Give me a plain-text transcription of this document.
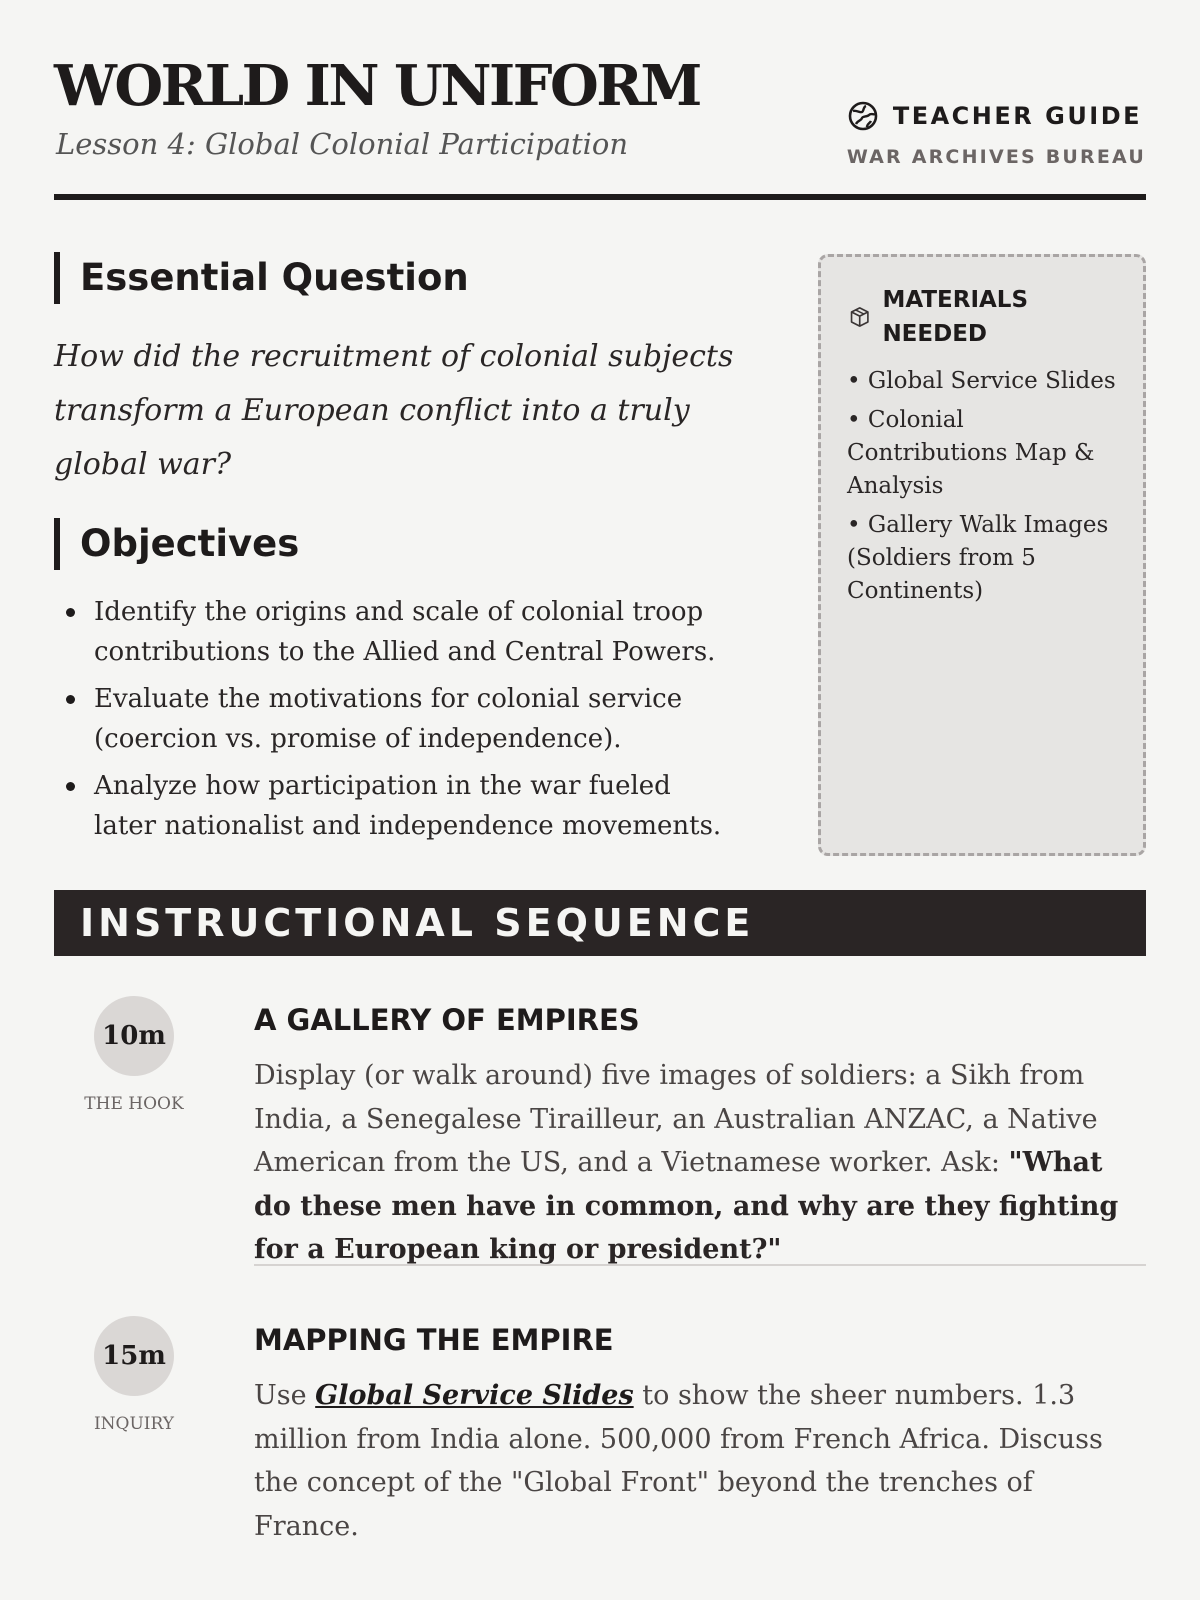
WORLD IN UNIFORM
Lesson 4: Global Colonial Participation
TEACHER GUIDE
WAR ARCHIVES BUREAU
Essential Question

How did the recruitment of colonial subjects transform a European conflict into a truly global war?

Objectives
Identify the origins and scale of colonial troop contributions to the Allied and Central Powers.
Evaluate the motivations for colonial service (coercion vs. promise of independence).
Analyze how participation in the war fueled later nationalist and independence movements.
MATERIALS NEEDED
• Global Service Slides
• Colonial Contributions Map & Analysis
• Gallery Walk Images (Soldiers from 5 Continents)
INSTRUCTIONAL SEQUENCE
10m
THE HOOK
A GALLERY OF EMPIRES

Display (or walk around) five images of soldiers: a Sikh from India, a Senegalese Tirailleur, an Australian ANZAC, a Native American from the US, and a Vietnamese worker. Ask: "What do these men have in common, and why are they fighting for a European king or president?"

15m
INQUIRY
MAPPING THE EMPIRE

Use Global Service Slides to show the sheer numbers. 1.3 million from India alone. 500,000 from French Africa. Discuss the concept of the "Global Front" beyond the trenches of France.
